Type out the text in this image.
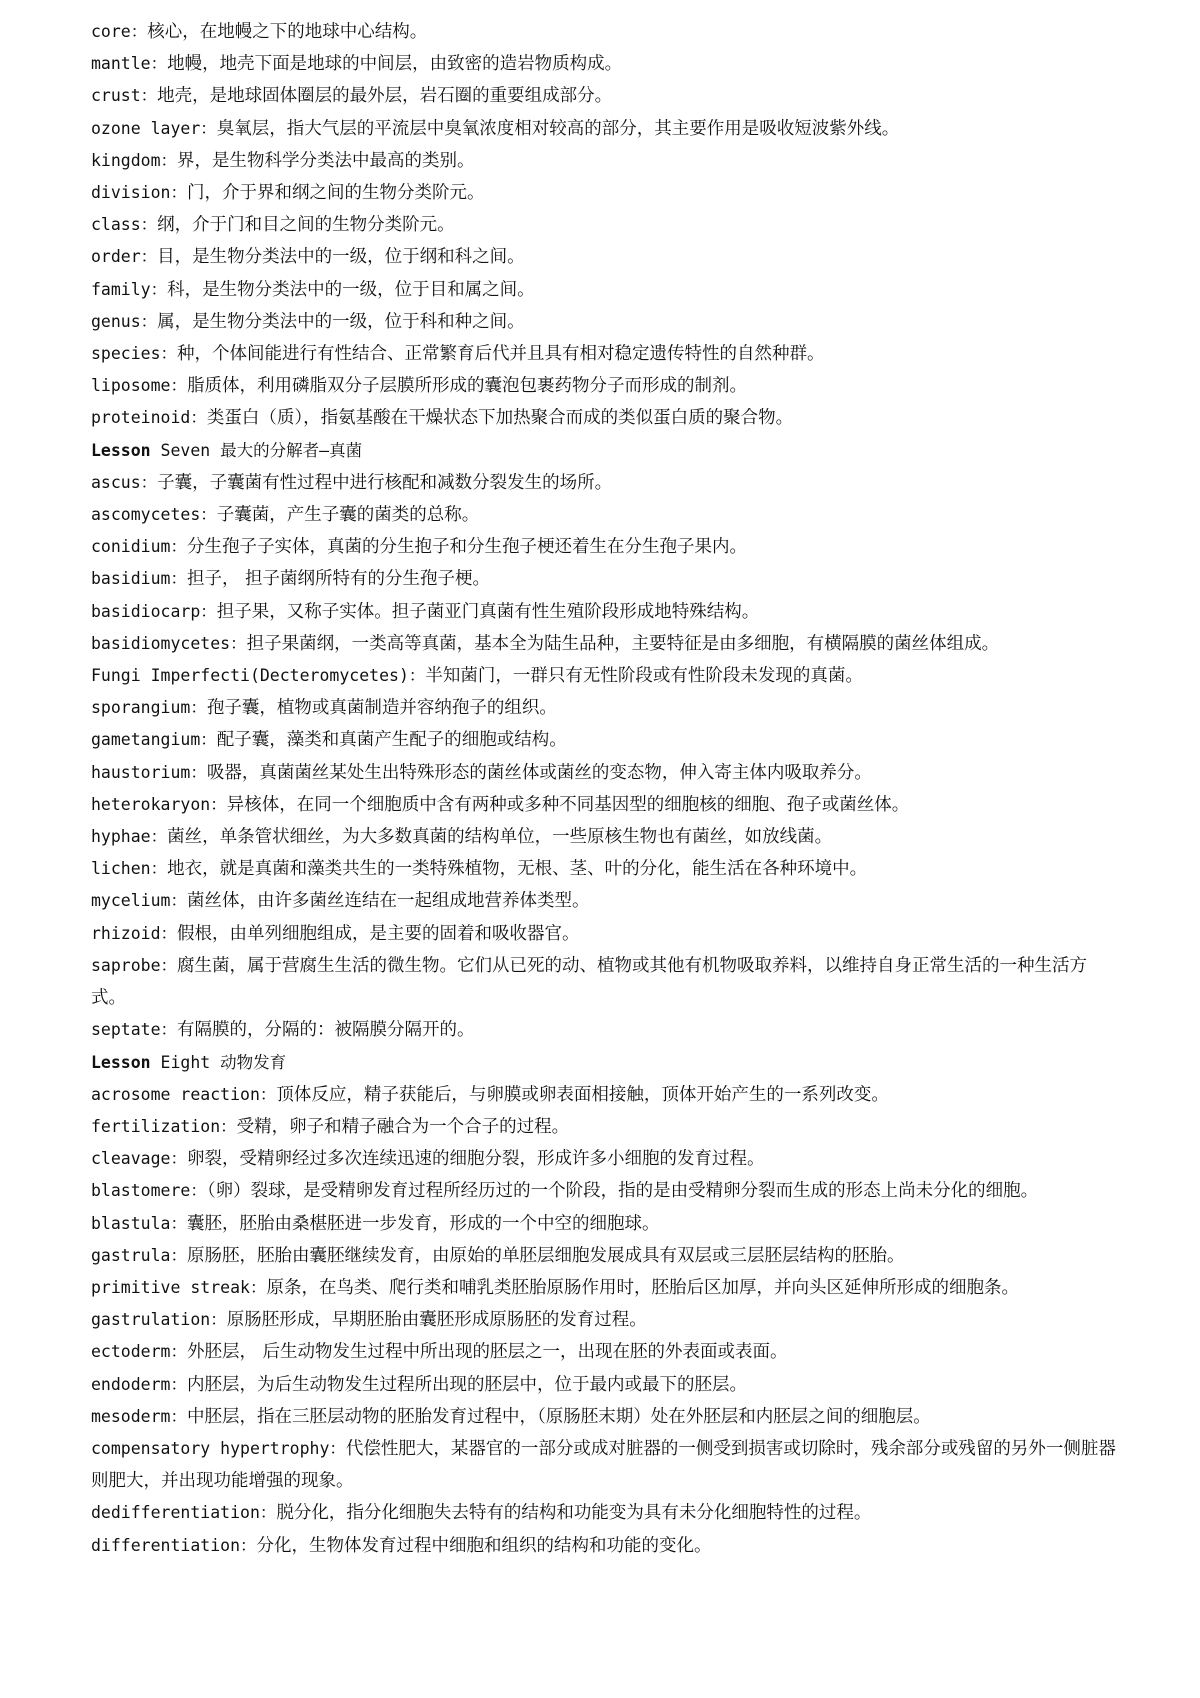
core：核心，在地幔之下的地球中心结构。
mantle：地幔，地壳下面是地球的中间层，由致密的造岩物质构成。
crust：地壳，是地球固体圈层的最外层，岩石圈的重要组成部分。
ozone layer：臭氧层，指大气层的平流层中臭氧浓度相对较高的部分，其主要作用是吸收短波紫外线。
kingdom：界，是生物科学分类法中最高的类别。
division：门，介于界和纲之间的生物分类阶元。
class：纲，介于门和目之间的生物分类阶元。
order：目，是生物分类法中的一级，位于纲和科之间。
family：科，是生物分类法中的一级，位于目和属之间。
genus：属，是生物分类法中的一级，位于科和种之间。
species：种，个体间能进行有性结合、正常繁育后代并且具有相对稳定遗传特性的自然种群。
liposome：脂质体，利用磷脂双分子层膜所形成的囊泡包裹药物分子而形成的制剂。
proteinoid：类蛋白（质），指氨基酸在干燥状态下加热聚合而成的类似蛋白质的聚合物。
Lesson Seven 最大的分解者—真菌
ascus：子囊，子囊菌有性过程中进行核配和减数分裂发生的场所。
ascomycetes：子囊菌，产生子囊的菌类的总称。
conidium：分生孢子子实体，真菌的分生抱子和分生孢子梗还着生在分生孢子果内。
basidium：担子， 担子菌纲所特有的分生孢子梗。
basidiocarp：担子果，又称子实体。担子菌亚门真菌有性生殖阶段形成地特殊结构。
basidiomycetes：担子果菌纲，一类高等真菌，基本全为陆生品种，主要特征是由多细胞，有横隔膜的菌丝体组成。
Fungi Imperfecti(Decteromycetes)：半知菌门，一群只有无性阶段或有性阶段未发现的真菌。
sporangium：孢子囊，植物或真菌制造并容纳孢子的组织。
gametangium：配子囊，藻类和真菌产生配子的细胞或结构。
haustorium：吸器，真菌菌丝某处生出特殊形态的菌丝体或菌丝的变态物，伸入寄主体内吸取养分。
heterokaryon：异核体，在同一个细胞质中含有两种或多种不同基因型的细胞核的细胞、孢子或菌丝体。
hyphae：菌丝，单条管状细丝，为大多数真菌的结构单位，一些原核生物也有菌丝，如放线菌。
lichen：地衣，就是真菌和藻类共生的一类特殊植物，无根、茎、叶的分化，能生活在各种环境中。
mycelium：菌丝体，由许多菌丝连结在一起组成地营养体类型。
rhizoid：假根，由单列细胞组成，是主要的固着和吸收器官。
saprobe：腐生菌，属于营腐生生活的微生物。它们从已死的动、植物或其他有机物吸取养料，以维持自身正常生活的一种生活方式。
septate：有隔膜的，分隔的：被隔膜分隔开的。
Lesson Eight 动物发育
acrosome reaction：顶体反应，精子获能后，与卵膜或卵表面相接触，顶体开始产生的一系列改变。
fertilization：受精，卵子和精子融合为一个合子的过程。
cleavage：卵裂，受精卵经过多次连续迅速的细胞分裂，形成许多小细胞的发育过程。
blastomere：（卵）裂球，是受精卵发育过程所经历过的一个阶段，指的是由受精卵分裂而生成的形态上尚未分化的细胞。
blastula：囊胚，胚胎由桑椹胚进一步发育，形成的一个中空的细胞球。
gastrula：原肠胚，胚胎由囊胚继续发育，由原始的单胚层细胞发展成具有双层或三层胚层结构的胚胎。
primitive streak：原条，在鸟类、爬行类和哺乳类胚胎原肠作用时，胚胎后区加厚，并向头区延伸所形成的细胞条。
gastrulation：原肠胚形成，早期胚胎由囊胚形成原肠胚的发育过程。
ectoderm：外胚层， 后生动物发生过程中所出现的胚层之一，出现在胚的外表面或表面。
endoderm：内胚层，为后生动物发生过程所出现的胚层中，位于最内或最下的胚层。
mesoderm：中胚层，指在三胚层动物的胚胎发育过程中，（原肠胚末期）处在外胚层和内胚层之间的细胞层。
compensatory hypertrophy：代偿性肥大，某器官的一部分或成对脏器的一侧受到损害或切除时，残余部分或残留的另外一侧脏器则肥大，并出现功能增强的现象。
dedifferentiation：脱分化，指分化细胞失去特有的结构和功能变为具有未分化细胞特性的过程。
differentiation：分化，生物体发育过程中细胞和组织的结构和功能的变化。
